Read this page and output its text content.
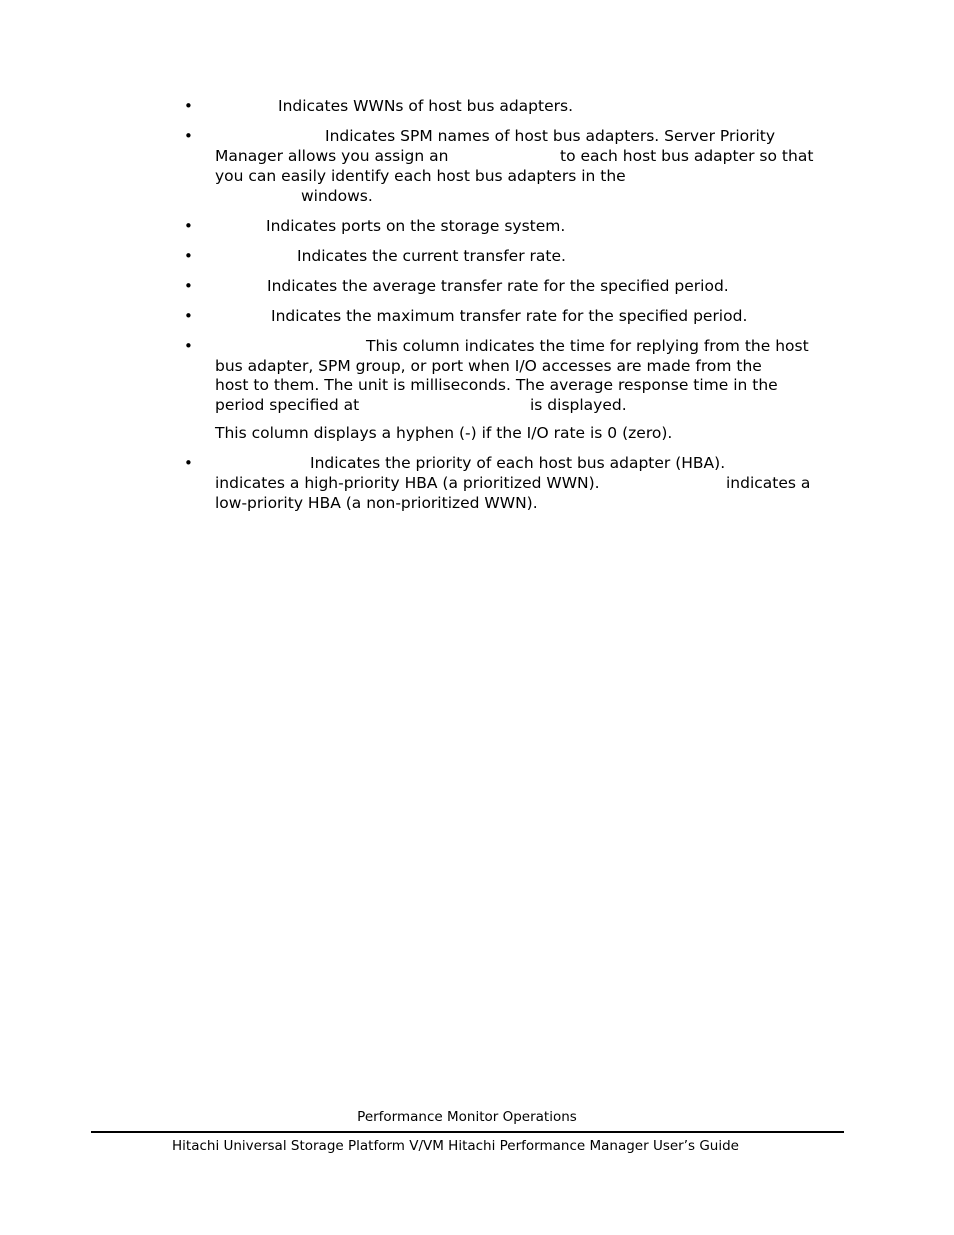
•	Indicates WWNs of host bus adapters.
•	Indicates SPM names of host bus adapters. Server Priority
Manager allows you assign an	to each host bus adapter so that
you can easily identify each host bus adapters in the
windows.
•	Indicates ports on the storage system.
•	Indicates the current transfer rate.
•	Indicates the average transfer rate for the specified period.
•	Indicates the maximum transfer rate for the specified period.
•	This column indicates the time for replying from the host
bus adapter, SPM group, or port when I/O accesses are made from the
host to them. The unit is milliseconds. The average response time in the
period specified at	is displayed.
This column displays a hyphen (-) if the I/O rate is 0 (zero).
•	Indicates the priority of each host bus adapter (HBA).
indicates a high-priority HBA (a prioritized WWN).	indicates a
low-priority HBA (a non-prioritized WWN).
Performance Monitor Operations
Hitachi Universal Storage Platform V/VM Hitachi Performance Manager User’s Guide
